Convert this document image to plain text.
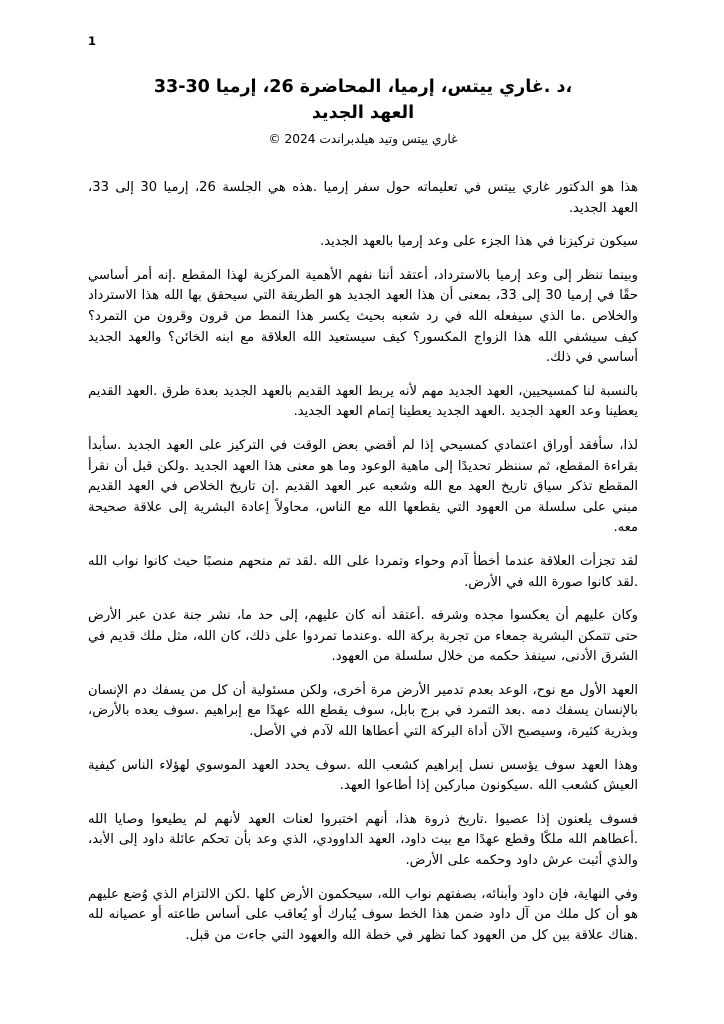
1
،د .غاري ييتس، إرميا، المحاضرة 26، إرميا 30-33
العهد الجديد
غاري ييتس وتيد هيلدبراندت 2024 ©

هذا هو الدكتور غاري ييتس في تعليماته حول سفر إرميا .هذه هي الجلسة 26، إرميا 30 إلى 33، العهد الجديد.

سيكون تركيزنا في هذا الجزء على وعد إرميا بالعهد الجديد.

وبينما ننظر إلى وعد إرميا بالاسترداد، أعتقد أننا نفهم الأهمية المركزية لهذا المقطع .إنه أمر أساسي حقًا في إرميا 30 إلى 33، بمعنى أن هذا العهد الجديد هو الطريقة التي سيحقق بها الله هذا الاسترداد والخلاص .ما الذي سيفعله الله في رد شعبه بحيث يكسر هذا النمط من قرون وقرون من التمرد؟ كيف سيشفي الله هذا الزواج المكسور؟ كيف سيستعيد الله العلاقة مع ابنه الخائن؟ والعهد الجديد أساسي في ذلك.

بالنسبة لنا كمسيحيين، العهد الجديد مهم لأنه يربط العهد القديم بالعهد الجديد بعدة طرق .العهد القديم يعطينا وعد العهد الجديد .العهد الجديد يعطينا إتمام العهد الجديد.

لذا، سأفقد أوراق اعتمادي كمسيحي إذا لم أقضي بعض الوقت في التركيز على العهد الجديد .سأبدأ بقراءة المقطع، ثم سننظر تحديدًا إلى ماهية الوعود وما هو معنى هذا العهد الجديد .ولكن قبل أن نقرأ المقطع تذكر سياق تاريخ العهد مع الله وشعبه عبر العهد القديم .إن تاريخ الخلاص في العهد القديم مبني على سلسلة من العهود التي يقطعها الله مع الناس، محاولاً إعادة البشرية إلى علاقة صحيحة معه.

لقد تجزأت العلاقة عندما أخطأ آدم وحواء وتمردا على الله .لقد تم منحهم منصبًا حيث كانوا نواب الله .لقد كانوا صورة الله في الأرض.

وكان عليهم أن يعكسوا مجده وشرفه .أعتقد أنه كان عليهم، إلى حد ما، نشر جنة عدن عبر الأرض حتى تتمكن البشرية جمعاء من تجربة بركة الله .وعندما تمردوا على ذلك، كان الله، مثل ملك قديم في الشرق الأدنى، سينفذ حكمه من خلال سلسلة من العهود.

العهد الأول مع نوح، الوعد بعدم تدمير الأرض مرة أخرى، ولكن مسئولية أن كل من يسفك دم الإنسان بالإنسان يسفك دمه .بعد التمرد في برج بابل، سوف يقطع الله عهدًا مع إبراهيم .سوف يعده بالأرض، وبذرية كثيرة، وسيصبح الآن أداة البركة التي أعطاها الله لآدم في الأصل.

وهذا العهد سوف يؤسس نسل إبراهيم كشعب الله .سوف يحدد العهد الموسوي لهؤلاء الناس كيفية العيش كشعب الله .سيكونون مباركين إذا أطاعوا العهد.

فسوف يلعنون إذا عصيوا .تاريخ ذروة هذا، أنهم اختبروا لعنات العهد لأنهم لم يطيعوا وصايا الله .أعطاهم الله ملكًا وقطع عهدًا مع بيت داود، العهد الداوودي، الذي وعد بأن تحكم عائلة داود إلى الأبد، والذي أثبت عرش داود وحكمه على الأرض.

وفي النهاية، فإن داود وأبنائه، بصفتهم نواب الله، سيحكمون الأرض كلها .لكن الالتزام الذي وُضع عليهم هو أن كل ملك من آل داود ضمن هذا الخط سوف يُبارك أو يُعاقب على أساس طاعته أو عصيانه لله .هناك علاقة بين كل من العهود كما تظهر في خطة الله والعهود التي جاءت من قبل.
